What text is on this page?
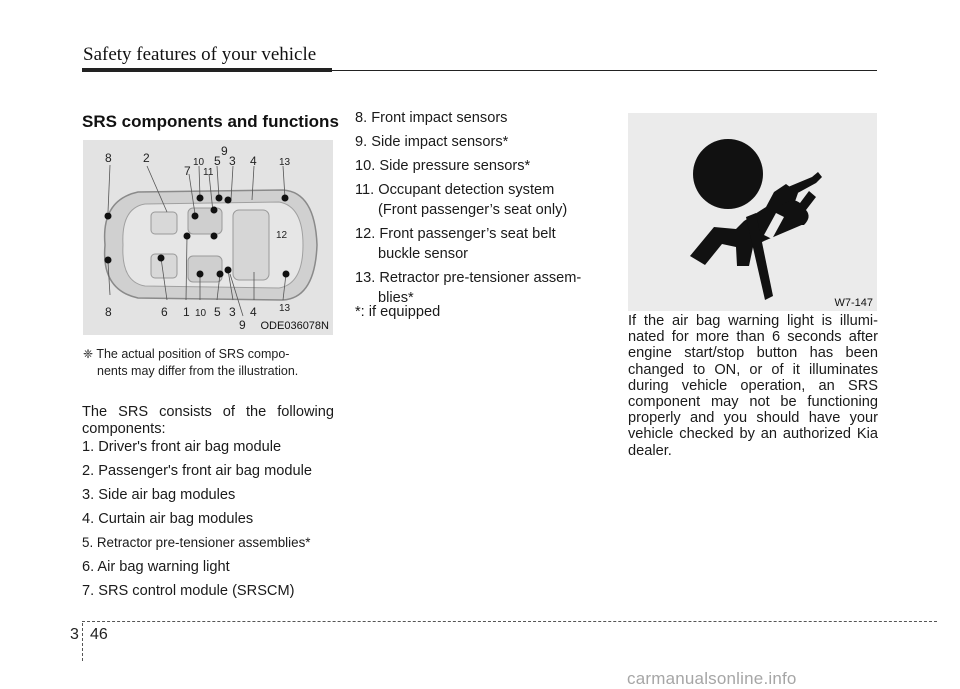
Safety features of your vehicle
SRS components and functions
8	2	10 5 3 4 13
9
7 11
12
8	6 1 10 5 3 4 13
9 ODE036078N
❈ The actual position of SRS compo-
nents may differ from the illustration.
The SRS consists of the following components:
1. Driver's front air bag module
2. Passenger's front air bag module
3. Side air bag modules
4. Curtain air bag modules
5. Retractor pre-tensioner assemblies*
6. Air bag warning light
7. SRS control module (SRSCM)
8. Front impact sensors
9. Side impact sensors*
10. Side pressure sensors*
11. Occupant detection system
(Front passenger’s seat only)
12. Front passenger’s seat belt
buckle sensor
13. Retractor pre-tensioner assem-
blies*
*: if equipped
W7-147
If the air bag warning light is illumi-nated for more than 6 seconds after engine start/stop button has been changed to ON, or of it illuminates during vehicle operation, an SRS component may not be functioning properly and you should have your vehicle checked by an authorized Kia dealer.
3 46
carmanualsonline.info
